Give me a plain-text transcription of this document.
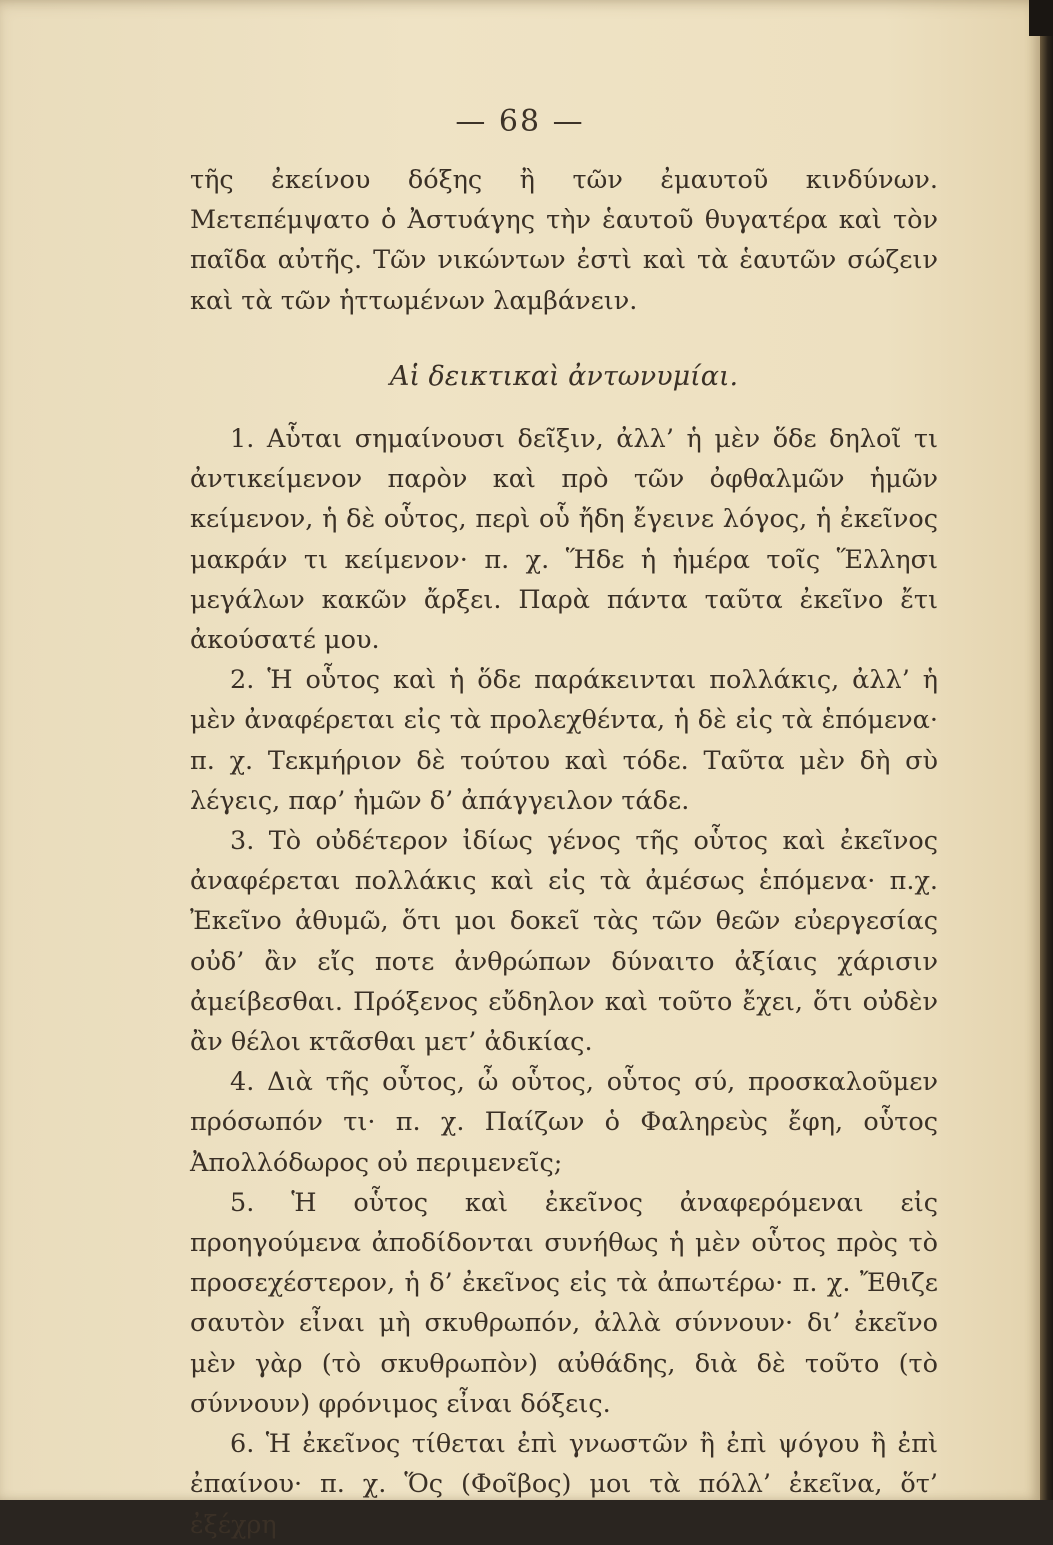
— 68 —

τῆς ἐκείνου δόξης ἢ τῶν ἐμαυτοῦ κινδύνων. Μετεπέμψατο ὁ Ἀστυάγης τὴν ἑαυτοῦ θυγατέρα καὶ τὸν παῖδα αὐτῆς. Τῶν νικώντων ἐστὶ καὶ τὰ ἑαυτῶν σώζειν καὶ τὰ τῶν ἡττωμένων λαμβάνειν.

Αἱ δεικτικαὶ ἀντωνυμίαι.

1. Αὗται σημαίνουσι δεῖξιν, ἀλλ’ ἡ μὲν ὅδε δηλοῖ τι ἀντικείμενον παρὸν καὶ πρὸ τῶν ὀφθαλμῶν ἡμῶν κείμενον, ἡ δὲ οὗτος, περὶ οὗ ἤδη ἔγεινε λόγος, ἡ ἐκεῖνος μακράν τι κείμενον· π. χ. Ἥδε ἡ ἡμέρα τοῖς Ἕλλησι μεγάλων κακῶν ἄρξει. Παρὰ πάντα ταῦτα ἐκεῖνο ἔτι ἀκούσατέ μου.

2. Ἡ οὗτος καὶ ἡ ὅδε παράκεινται πολλάκις, ἀλλ’ ἡ μὲν ἀναφέρεται εἰς τὰ προλεχθέντα, ἡ δὲ εἰς τὰ ἑπόμενα· π. χ. Τεκμήριον δὲ τούτου καὶ τόδε. Ταῦτα μὲν δὴ σὺ λέγεις, παρ’ ἡμῶν δ’ ἀπάγγειλον τάδε.

3. Τὸ οὐδέτερον ἰδίως γένος τῆς οὗτος καὶ ἐκεῖνος ἀναφέρεται πολλάκις καὶ εἰς τὰ ἀμέσως ἑπόμενα· π.χ. Ἐκεῖνο ἀθυμῶ, ὅτι μοι δοκεῖ τὰς τῶν θεῶν εὐεργεσίας οὐδ’ ἂν εἴς ποτε ἀνθρώπων δύναιτο ἀξίαις χάρισιν ἀμείβεσθαι. Πρόξενος εὔδηλον καὶ τοῦτο ἔχει, ὅτι οὐδὲν ἂν θέλοι κτᾶσθαι μετ’ ἀδικίας.

4. Διὰ τῆς οὗτος, ὦ οὗτος, οὗτος σύ, προσκαλοῦμεν πρόσωπόν τι· π. χ. Παίζων ὁ Φαληρεὺς ἔφη, οὗτος Ἀπολλόδωρος οὐ περιμενεῖς;

5. Ἡ οὗτος καὶ ἐκεῖνος ἀναφερόμεναι εἰς προηγούμενα ἀποδίδονται συνήθως ἡ μὲν οὗτος πρὸς τὸ προσεχέστερον, ἡ δ’ ἐκεῖνος εἰς τὰ ἀπωτέρω· π. χ. Ἔθιζε σαυτὸν εἶναι μὴ σκυθρωπόν, ἀλλὰ σύννουν· δι’ ἐκεῖνο μὲν γὰρ (τὸ σκυθρωπὸν) αὐθάδης, διὰ δὲ τοῦτο (τὸ σύννουν) φρόνιμος εἶναι δόξεις.

6. Ἡ ἐκεῖνος τίθεται ἐπὶ γνωστῶν ἢ ἐπὶ ψόγου ἢ ἐπὶ ἐπαίνου· π. χ. Ὅς (Φοῖβος) μοι τὰ πόλλ’ ἐκεῖνα, ὅτ’ ἐξέχρη
